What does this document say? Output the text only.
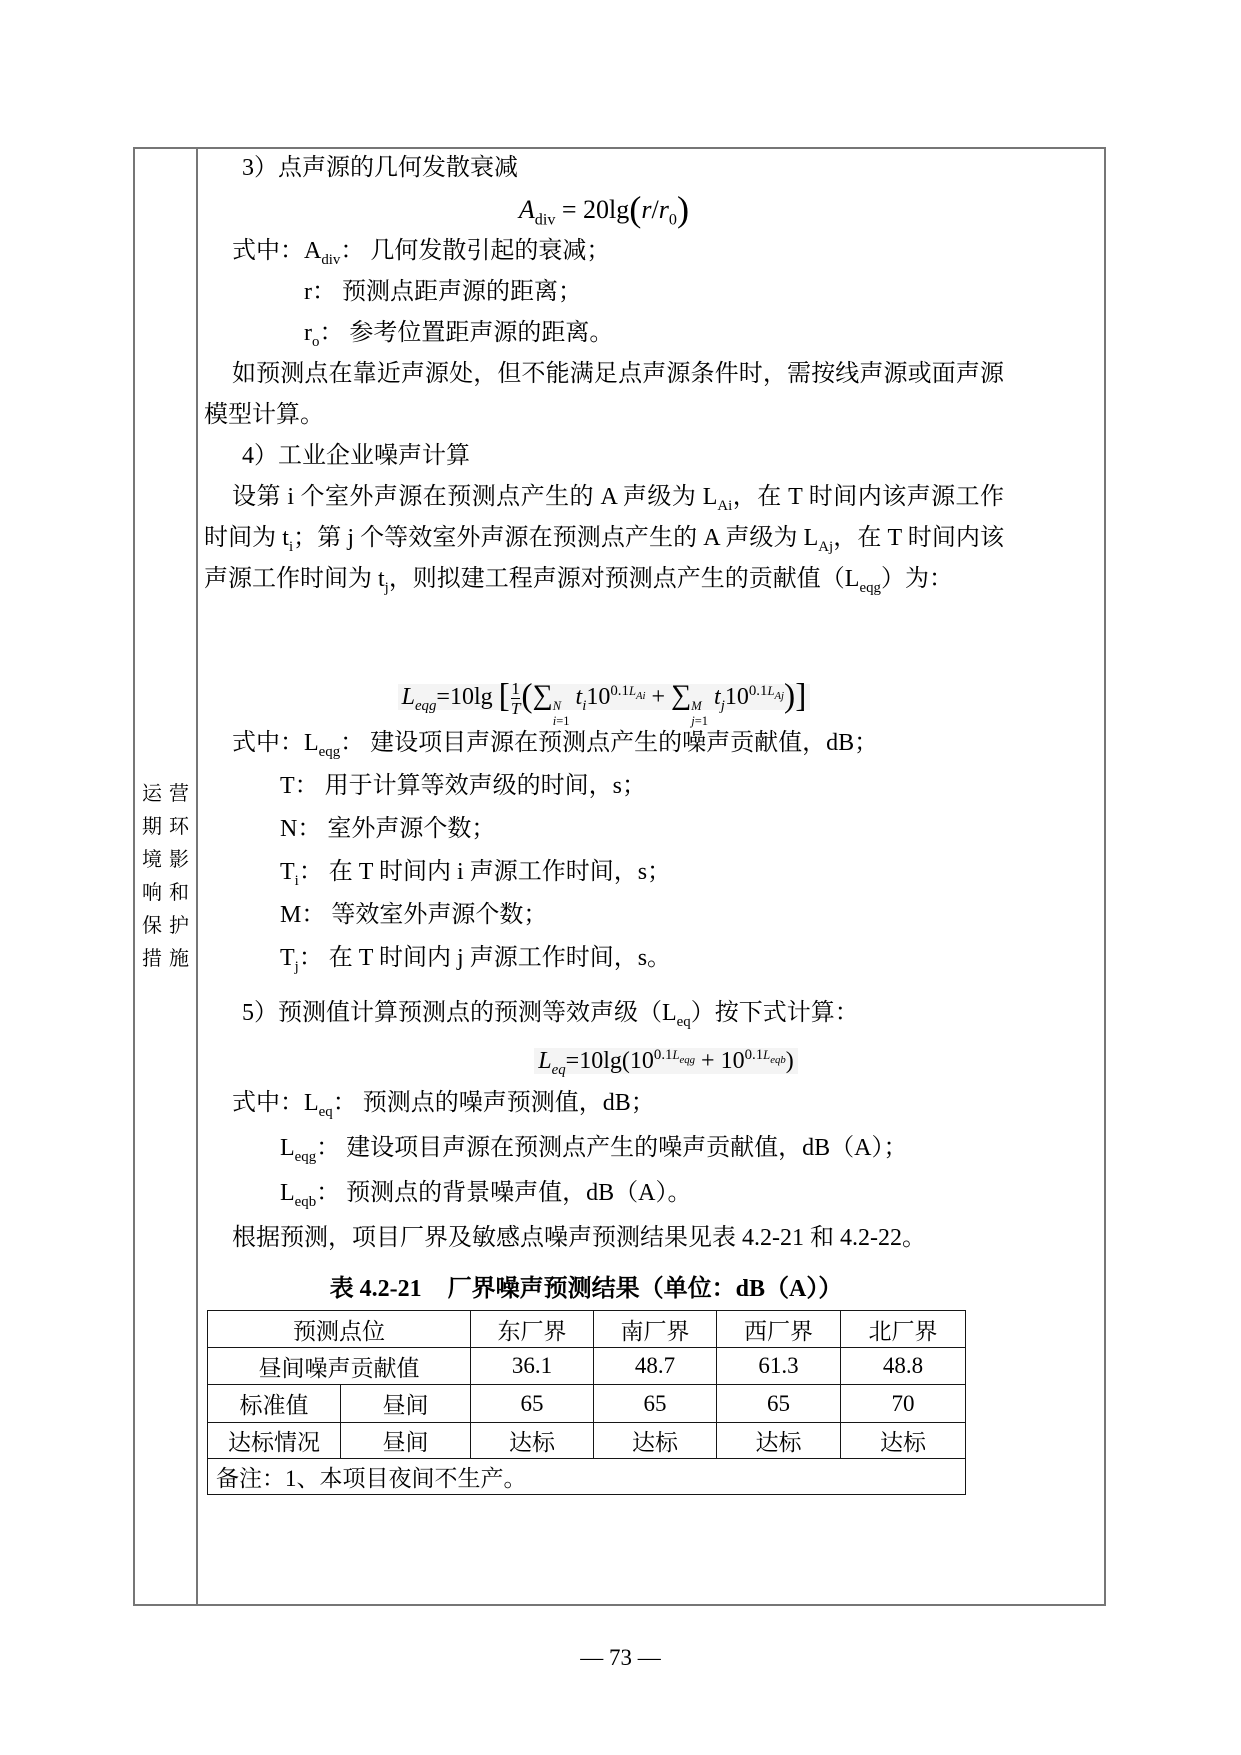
运营
期环
境影
响和
保护
措施
3）点声源的几何发散衰减
$A_{div} = 20\lg(r/r_0)$
式中：$A_{div}$： 几何发散引起的衰减；
r： 预测点距声源的距离；
$r_o$： 参考位置距声源的距离。
如预测点在靠近声源处，但不能满足点声源条件时，需按线声源或面声源模型计算。
4）工业企业噪声计算
设第 i 个室外声源在预测点产生的 A 声级为 $L_{Ai}$，在 T 时间内该声源工作时间为 $t_i$；第 j 个等效室外声源在预测点产生的 A 声级为 $L_{Aj}$，在 T 时间内该声源工作时间为 $t_j$，则拟建工程声源对预测点产生的贡献值$(L_{eqg})$为：
$L_{eqg}=10\lg$ [ $\frac{1}{T}$ (∑ N
i=1
$t_i10^{0.1L_{Ai}}$ + ∑ M
j=1
$t_j10^{0.1L_{Aj}}$)]
式中：$L_{eqg}$： 建设项目声源在预测点产生的噪声贡献值，dB；
T： 用于计算等效声级的时间，s；
N： 室外声源个数；
$T_i$： 在 T 时间内 i 声源工作时间，s；
M： 等效室外声源个数；
$T_j$： 在 T 时间内 j 声源工作时间，s。
5）预测值计算预测点的预测等效声级$(L_{eq})$按下式计算：
$L_{eq}=10\lg(10^{0.1L_{eqg}} + 10^{0.1L_{eqb}})$
式中：$L_{eq}$： 预测点的噪声预测值，dB；
$L_{eqg}$： 建设项目声源在预测点产生的噪声贡献值，dB（A）；
$L_{eqb}$： 预测点的背景噪声值，dB（A）。
根据预测，项目厂界及敏感点噪声预测结果见表 4.2-21 和 4.2-22。
表 4.2-21 厂界噪声预测结果（单位：dB（A））
预测点位		东厂界	南厂界	西厂界	北厂界
昼间噪声贡献值		36.1	48.7	61.3	48.8
标准值	昼间	65	65	65	70
达标情况	昼间	达标	达标	达标	达标
备注：1、本项目夜间不生产。					
— 73 —
